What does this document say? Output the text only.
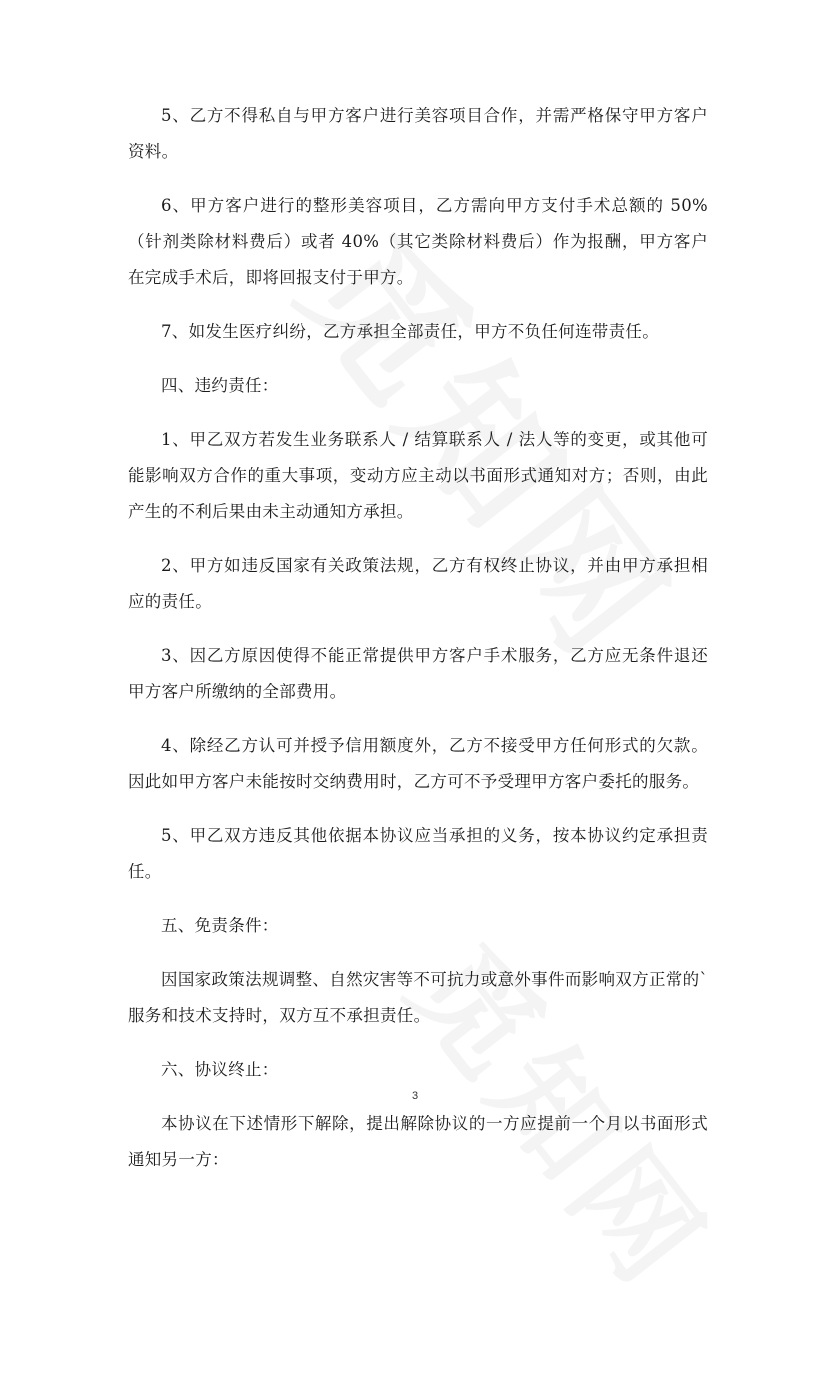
5、乙方不得私自与甲方客户进行美容项目合作，并需严格保守甲方客户资料。

6、甲方客户进行的整形美容项目，乙方需向甲方支付手术总额的 50%（针剂类除材料费后）或者 40%（其它类除材料费后）作为报酬，甲方客户在完成手术后，即将回报支付于甲方。

7、如发生医疗纠纷，乙方承担全部责任，甲方不负任何连带责任。

四、违约责任：

1、甲乙双方若发生业务联系人 / 结算联系人 / 法人等的变更，或其他可能影响双方合作的重大事项，变动方应主动以书面形式通知对方；否则，由此产生的不利后果由未主动通知方承担。

2、甲方如违反国家有关政策法规，乙方有权终止协议，并由甲方承担相应的责任。

3、因乙方原因使得不能正常提供甲方客户手术服务，乙方应无条件退还甲方客户所缴纳的全部费用。

4、除经乙方认可并授予信用额度外，乙方不接受甲方任何形式的欠款。因此如甲方客户未能按时交纳费用时，乙方可不予受理甲方客户委托的服务。

5、甲乙双方违反其他依据本协议应当承担的义务，按本协议约定承担责任。

五、免责条件：

因国家政策法规调整、自然灾害等不可抗力或意外事件而影响双方正常的`服务和技术支持时，双方互不承担责任。

六、协议终止：

本协议在下述情形下解除，提出解除协议的一方应提前一个月以书面形式通知另一方：

3
